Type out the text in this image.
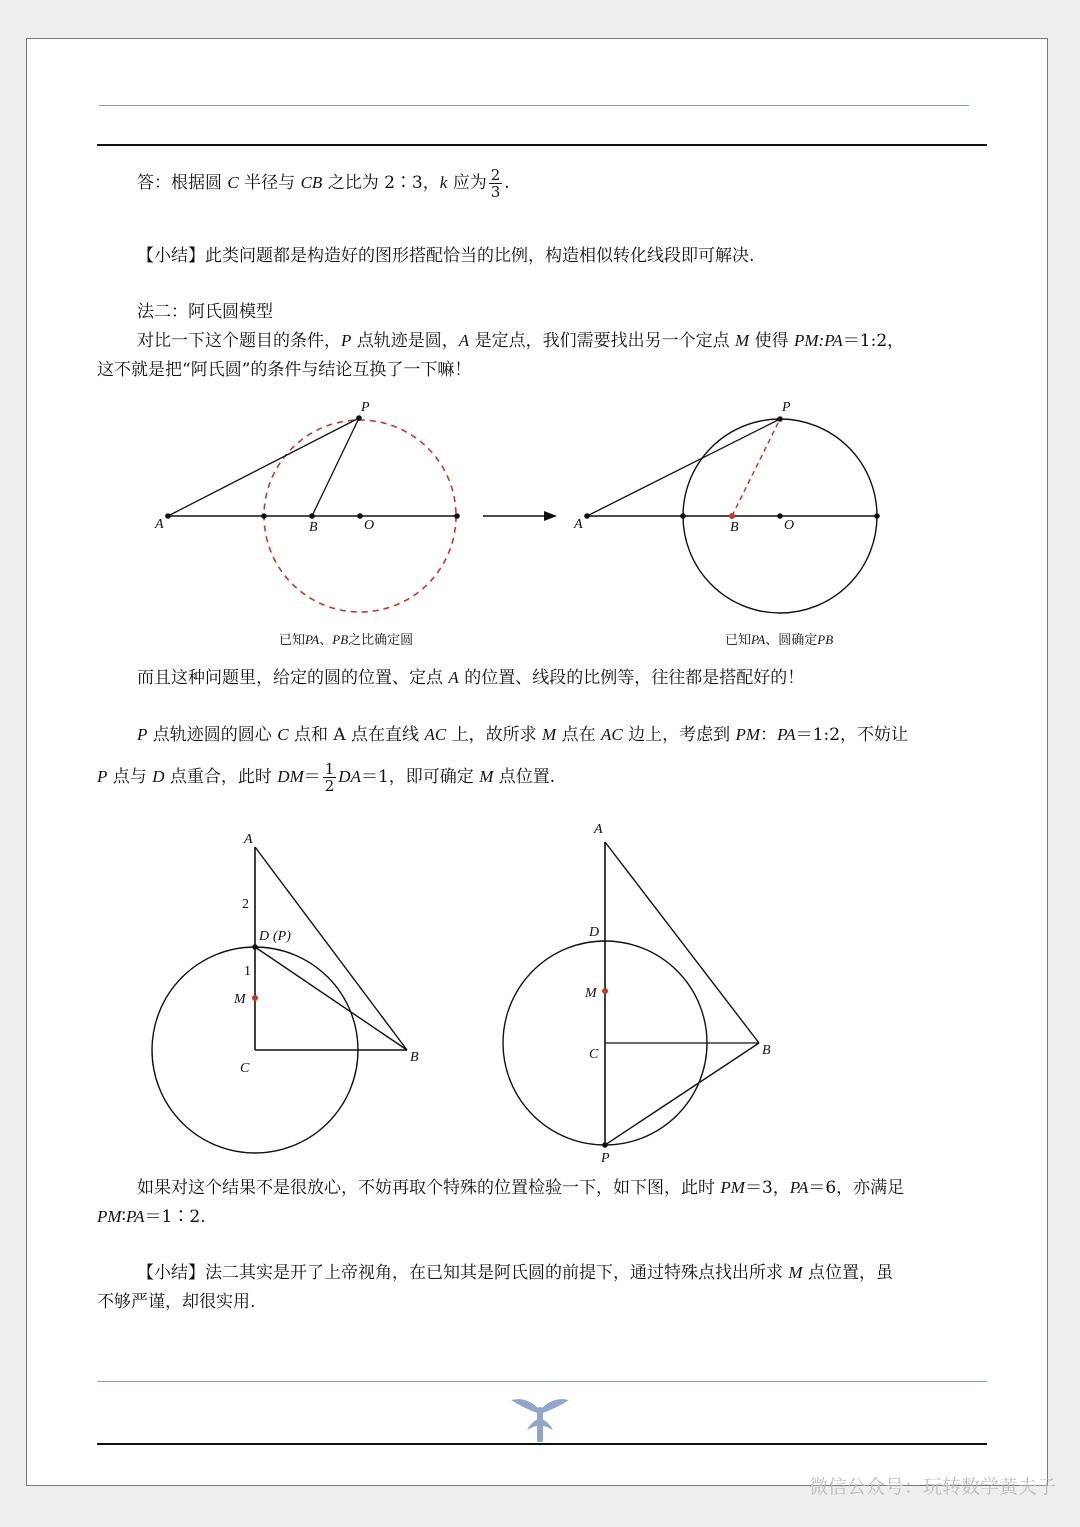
答：根据圆 C 半径与 CB 之比为 2∶3，k 应为 $\frac{2}{3}$ .
【小结】此类问题都是构造好的图形搭配恰当的比例，构造相似转化线段即可解决.
法二：阿氏圆模型
对比一下这个题目的条件，P 点轨迹是圆，A 是定点，我们需要找出另一个定点 M 使得 PM:PA＝1:2，
这不就是把“阿氏圆”的条件与结论互换了一下嘛！
P
A	B	O
P
A	B	O
已知PA、PB之比确定圆	已知PA、圆确定PB
而且这种问题里，给定的圆的位置、定点 A 的位置、线段的比例等，往往都是搭配好的！
P 点轨迹圆的圆心 C 点和 A 点在直线 AC 上，故所求 M 点在 AC 边上，考虑到 PM：PA＝1:2，不妨让
P 点与 D 点重合，此时 $DM= \frac{1}{2} DA=1$，即可确定 M 点位置.
A
2
D (P)
1
M
C
B
A
D
M
C	B
P
如果对这个结果不是很放心，不妨再取个特殊的位置检验一下，如下图，此时 PM＝3，PA＝6，亦满足
PM∶PA＝1∶2.
【小结】法二其实是开了上帝视角，在已知其是阿氏圆的前提下，通过特殊点找出所求 M 点位置，虽
不够严谨，却很实用.
微信公众号：玩转数学黄夫子
